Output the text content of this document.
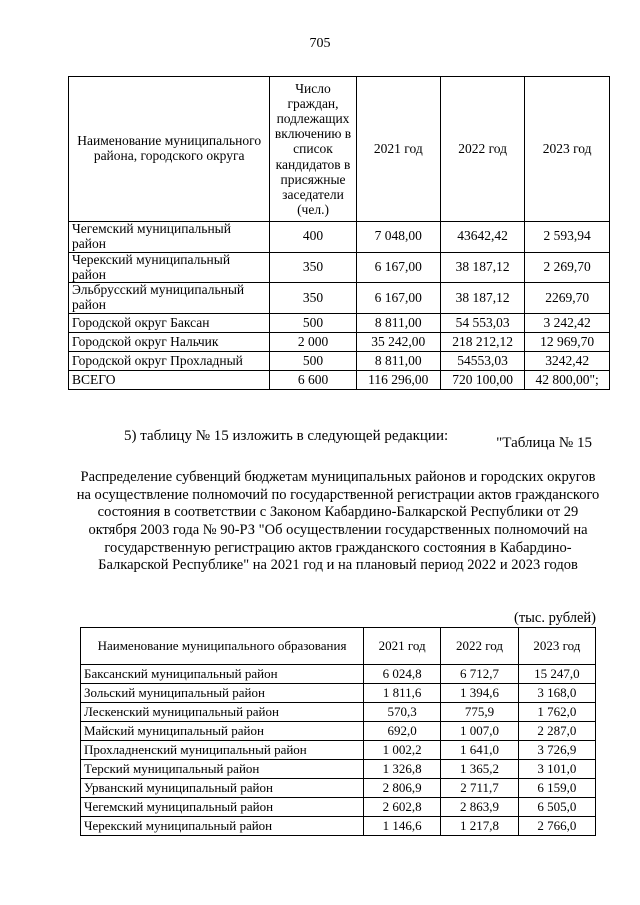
705
Наименование муниципального района, городского округа	Число граждан, подлежащих включению в список кандидатов в присяжные заседатели (чел.)	2021 год	2022 год	2023 год
Чегемский муниципальный район	400	7 048,00	43642,42	2 593,94
Черекский муниципальный район	350	6 167,00	38 187,12	2 269,70
Эльбрусский муниципальный район	350	6 167,00	38 187,12	2269,70
Городской округ Баксан	500	8 811,00	54 553,03	3 242,42
Городской округ Нальчик	2 000	35 242,00	218 212,12	12 969,70
Городской округ Прохладный	500	8 811,00	54553,03	3242,42
ВСЕГО	6 600	116 296,00	720 100,00	42 800,00";
5) таблицу № 15 изложить в следующей редакции:	"Таблица № 15
Распределение субвенций бюджетам муниципальных районов и городских округов на осуществление полномочий по государственной регистрации актов гражданского состояния в соответствии с Законом Кабардино-Балкарской Республики от 29 октября 2003 года № 90-РЗ "Об осуществлении государственных полномочий на государственную регистрацию актов гражданского состояния в Кабардино-Балкарской Республике" на 2021 год и на плановый период 2022 и 2023 годов
(тыс. рублей)
Наименование муниципального образования	2021 год	2022 год	2023 год
Баксанский муниципальный район	6 024,8	6 712,7	15 247,0
Зольский муниципальный район	1 811,6	1 394,6	3 168,0
Лескенский муниципальный район	570,3	775,9	1 762,0
Майский муниципальный район	692,0	1 007,0	2 287,0
Прохладненский муниципальный район	1 002,2	1 641,0	3 726,9
Терский муниципальный район	1 326,8	1 365,2	3 101,0
Урванский муниципальный район	2 806,9	2 711,7	6 159,0
Чегемский муниципальный район	2 602,8	2 863,9	6 505,0
Черекский муниципальный район	1 146,6	1 217,8	2 766,0
